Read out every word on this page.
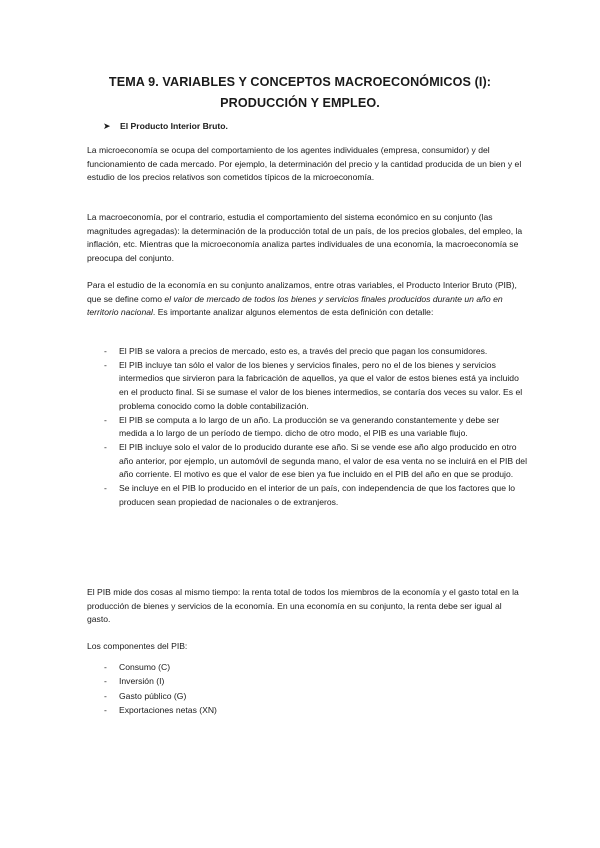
TEMA 9. VARIABLES Y CONCEPTOS MACROECONÓMICOS (I):
PRODUCCIÓN Y EMPLEO.
➤ El Producto Interior Bruto.

La microeconomía se ocupa del comportamiento de los agentes individuales (empresa, consumidor) y del funcionamiento de cada mercado. Por ejemplo, la determinación del precio y la cantidad producida de un bien y el estudio de los precios relativos son cometidos típicos de la microeconomía.

La macroeconomía, por el contrario, estudia el comportamiento del sistema económico en su conjunto (las magnitudes agregadas): la determinación de la producción total de un país, de los precios globales, del empleo, la inflación, etc. Mientras que la microeconomía analiza partes individuales de una economía, la macroeconomía se preocupa del conjunto.

Para el estudio de la economía en su conjunto analizamos, entre otras variables, el Producto Interior Bruto (PIB), que se define como el valor de mercado de todos los bienes y servicios finales producidos durante un año en territorio nacional. Es importante analizar algunos elementos de esta definición con detalle:

- El PIB se valora a precios de mercado, esto es, a través del precio que pagan los consumidores.
- El PIB incluye tan sólo el valor de los bienes y servicios finales, pero no el de los bienes y servicios intermedios que sirvieron para la fabricación de aquellos, ya que el valor de estos bienes está ya incluido en el producto final. Si se sumase el valor de los bienes intermedios, se contaría dos veces su valor. Es el problema conocido como la doble contabilización.
- El PIB se computa a lo largo de un año. La producción se va generando constantemente y debe ser medida a lo largo de un período de tiempo. dicho de otro modo, el PIB es una variable flujo.
- El PIB incluye solo el valor de lo producido durante ese año. Si se vende ese año algo producido en otro año anterior, por ejemplo, un automóvil de segunda mano, el valor de esa venta no se incluirá en el PIB del año corriente. El motivo es que el valor de ese bien ya fue incluido en el PIB del año en que se produjo.
- Se incluye en el PIB lo producido en el interior de un país, con independencia de que los factores que lo producen sean propiedad de nacionales o de extranjeros.

El PIB mide dos cosas al mismo tiempo: la renta total de todos los miembros de la economía y el gasto total en la producción de bienes y servicios de la economía. En una economía en su conjunto, la renta debe ser igual al gasto.

Los componentes del PIB:

- Consumo (C)
- Inversión (I)
- Gasto público (G)
- Exportaciones netas (XN)
